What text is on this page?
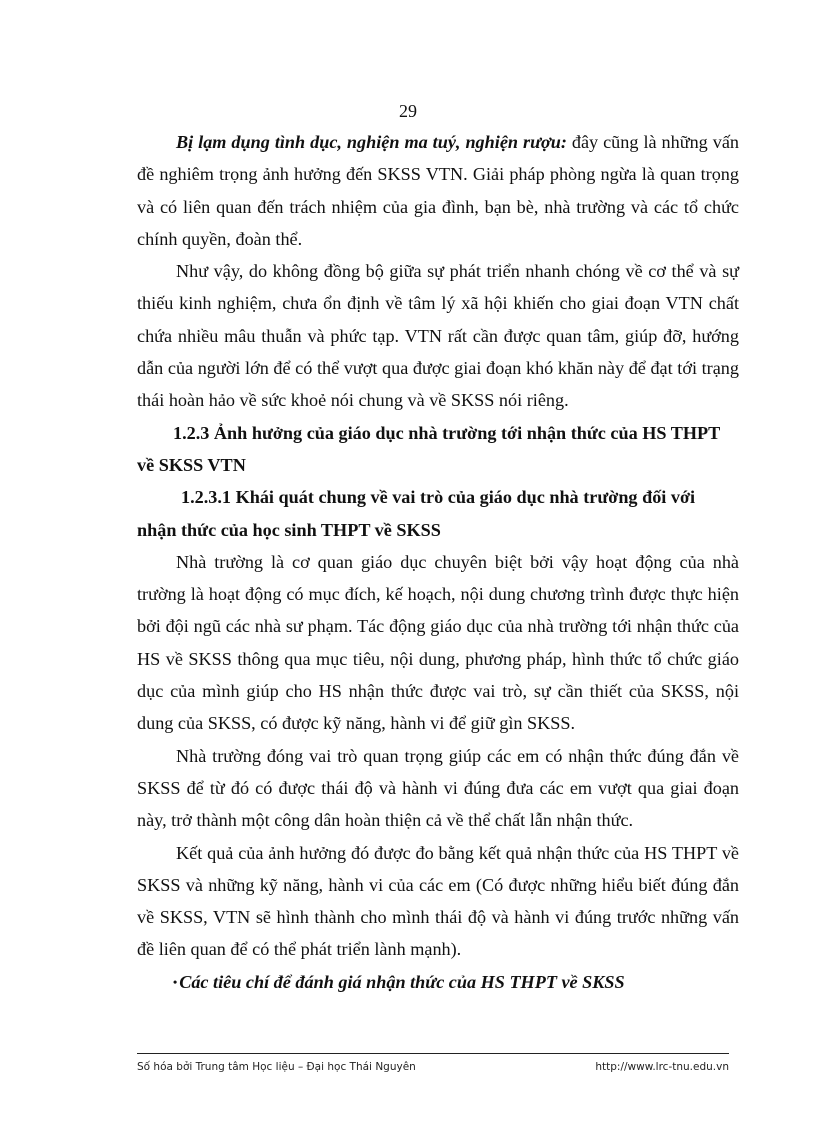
29

Bị lạm dụng tình dục, nghiện ma tuý, nghiện rượu: đây cũng là những vấn đề nghiêm trọng ảnh hưởng đến SKSS VTN. Giải pháp phòng ngừa là quan trọng và có liên quan đến trách nhiệm của gia đình, bạn bè, nhà trường và các tổ chức chính quyền, đoàn thể.

Như vậy, do không đồng bộ giữa sự phát triển nhanh chóng về cơ thể và sự thiếu kinh nghiệm, chưa ổn định về tâm lý xã hội khiến cho giai đoạn VTN chất chứa nhiều mâu thuẫn và phức tạp. VTN rất cần được quan tâm, giúp đỡ, hướng dẫn của người lớn để có thể vượt qua được giai đoạn khó khăn này để đạt tới trạng thái hoàn hảo về sức khoẻ nói chung và về SKSS nói riêng.

1.2.3 Ảnh hưởng của giáo dục nhà trường tới nhận thức của HS THPT về SKSS VTN

1.2.3.1 Khái quát chung về vai trò của giáo dục nhà trường đối với nhận thức của học sinh THPT về SKSS

Nhà trường là cơ quan giáo dục chuyên biệt bởi vậy hoạt động của nhà trường là hoạt động có mục đích, kế hoạch, nội dung chương trình được thực hiện bởi đội ngũ các nhà sư phạm. Tác động giáo dục của nhà trường tới nhận thức của HS về SKSS thông qua mục tiêu, nội dung, phương pháp, hình thức tổ chức giáo dục của mình giúp cho HS nhận thức được vai trò, sự cần thiết của SKSS, nội dung của SKSS, có được kỹ năng, hành vi để giữ gìn SKSS.

Nhà trường đóng vai trò quan trọng giúp các em có nhận thức đúng đắn về SKSS để từ đó có được thái độ và hành vi đúng đưa các em vượt qua giai đoạn này, trở thành một công dân hoàn thiện cả về thể chất lẫn nhận thức.

Kết quả của ảnh hưởng đó được đo bằng kết quả nhận thức của HS THPT về SKSS và những kỹ năng, hành vi của các em (Có được những hiểu biết đúng đắn về SKSS, VTN sẽ hình thành cho mình thái độ và hành vi đúng trước những vấn đề liên quan để có thể phát triển lành mạnh).

• Các tiêu chí để đánh giá nhận thức của HS THPT về SKSS

Số hóa bởi Trung tâm Học liệu – Đại học Thái Nguyên	http://www.lrc-tnu.edu.vn
